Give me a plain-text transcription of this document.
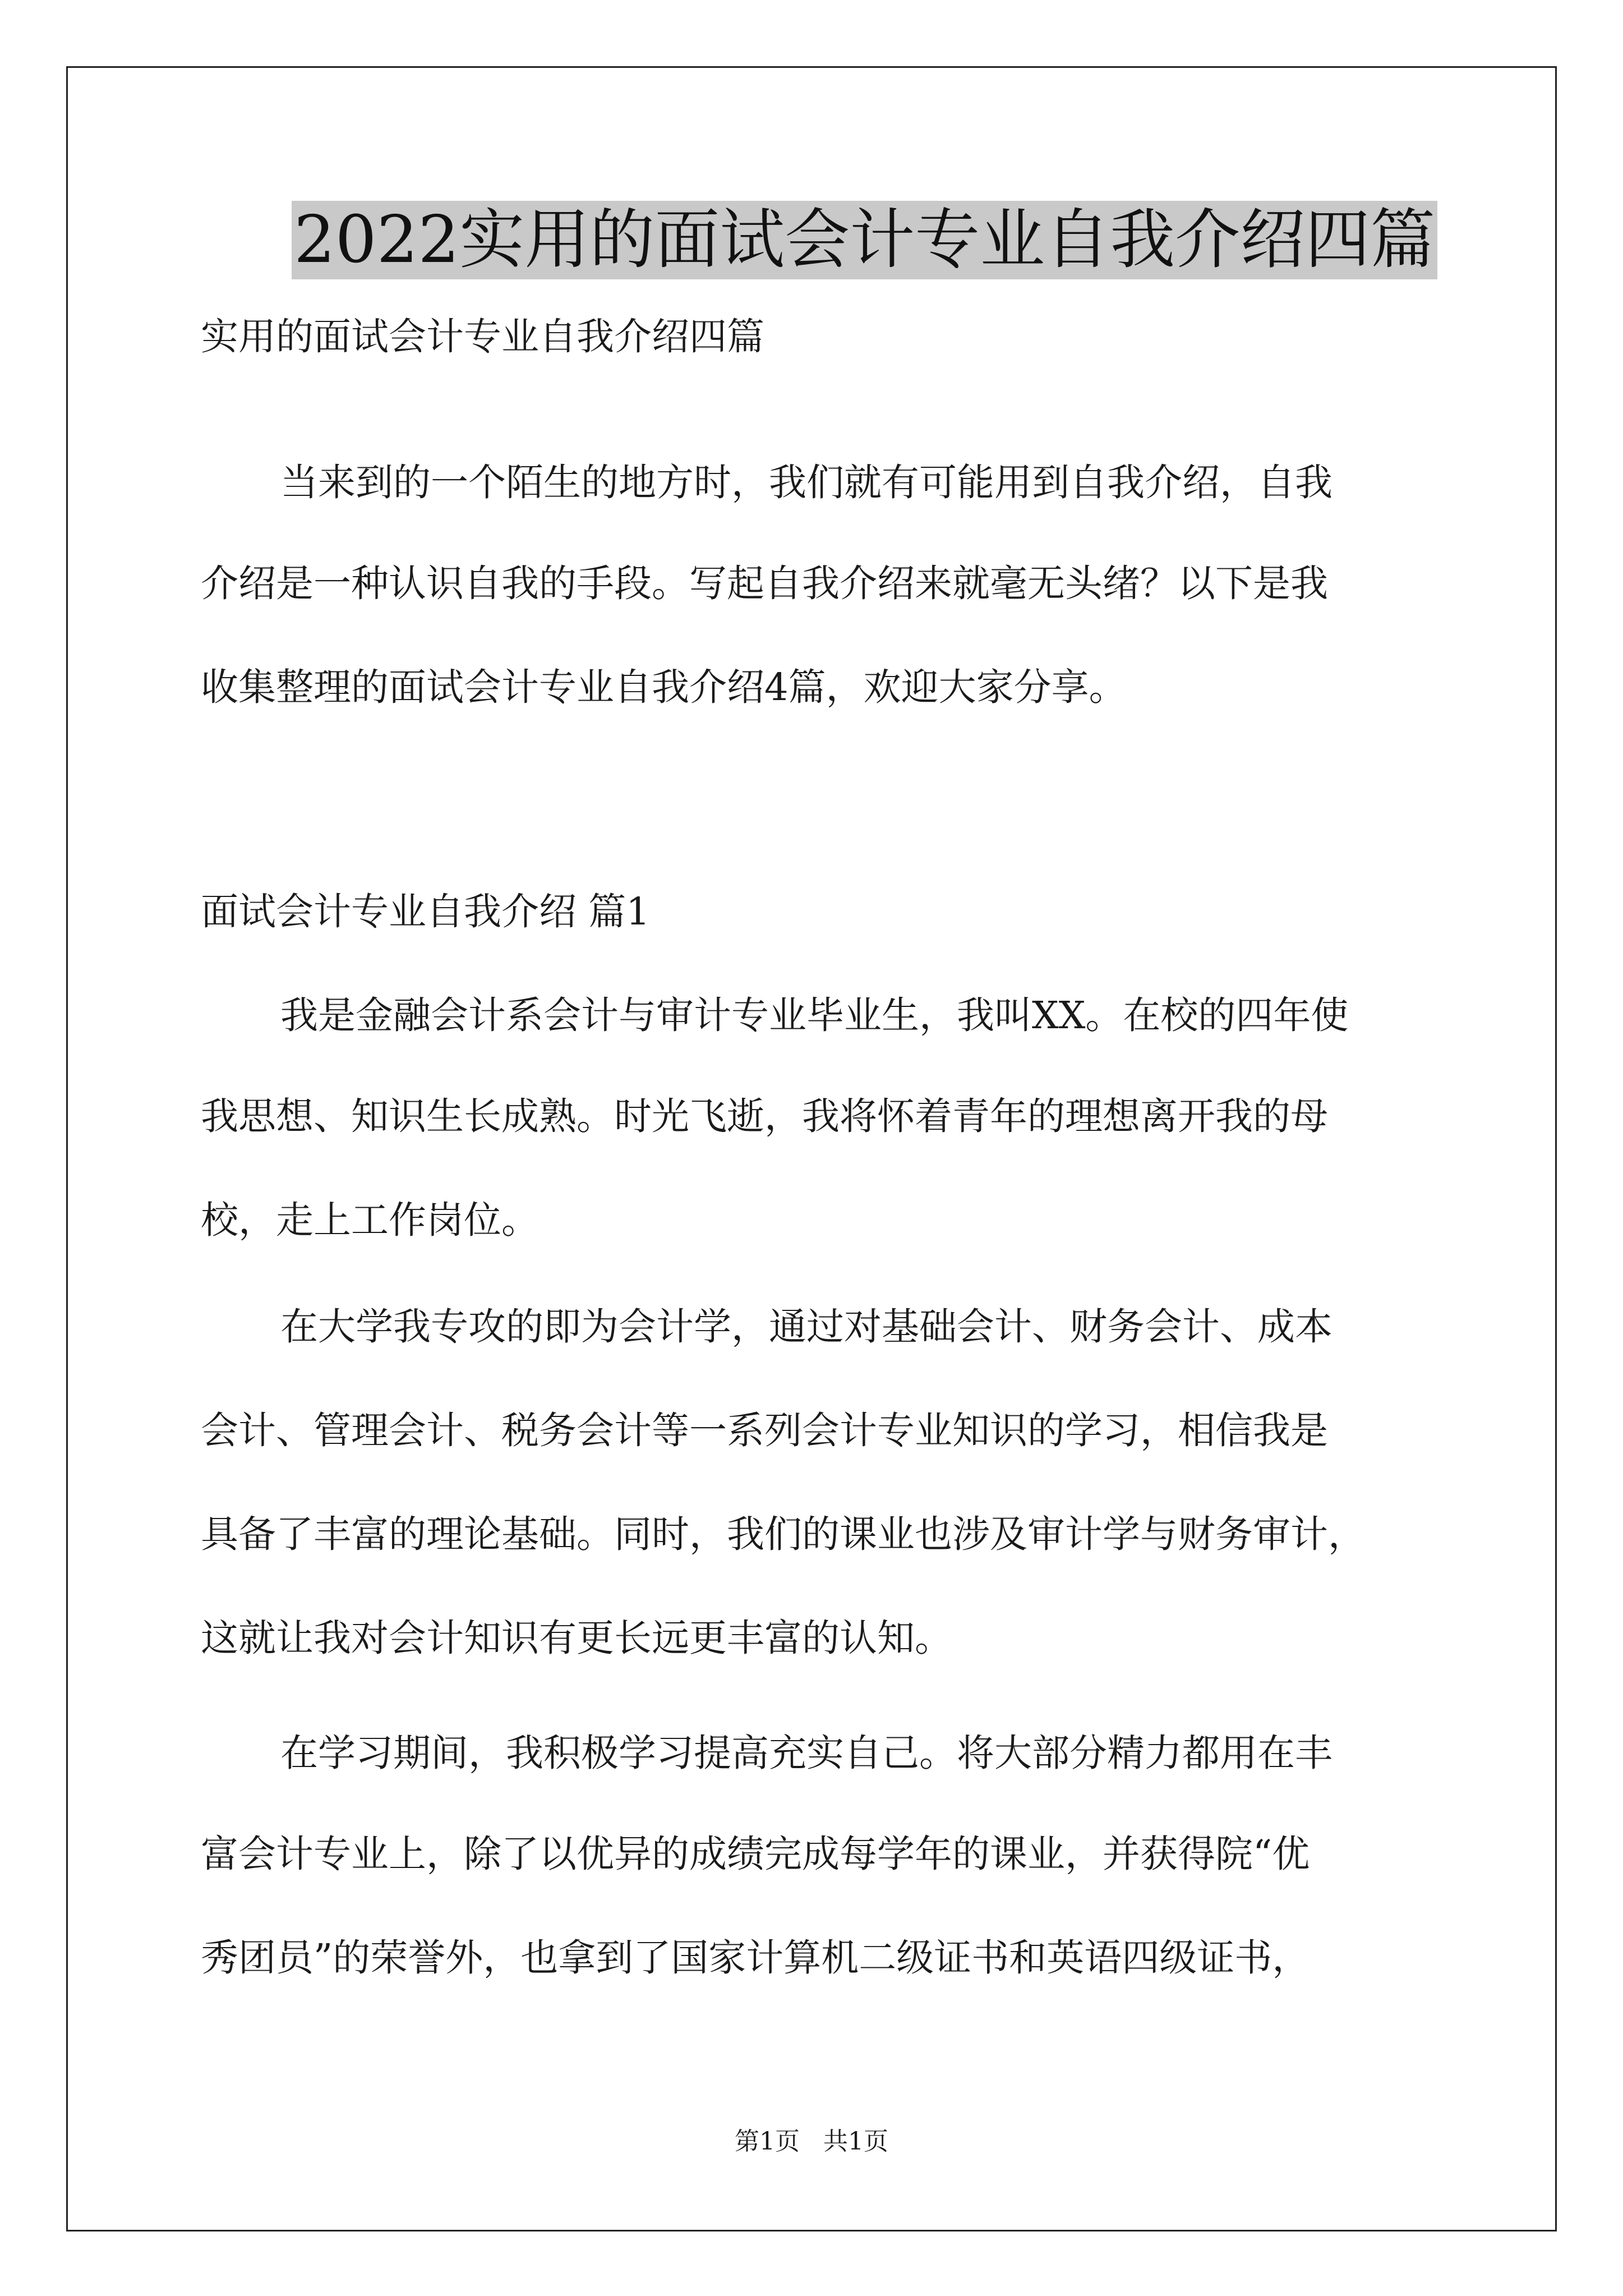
2022实用的面试会计专业自我介绍四篇
实用的面试会计专业自我介绍四篇
当来到的一个陌生的地方时，我们就有可能用到自我介绍，自我
介绍是一种认识自我的手段。写起自我介绍来就毫无头绪？以下是我
收集整理的面试会计专业自我介绍4篇，欢迎大家分享。
面试会计专业自我介绍 篇1
我是金融会计系会计与审计专业毕业生，我叫XX。在校的四年使
我思想、知识生长成熟。时光飞逝，我将怀着青年的理想离开我的母
校，走上工作岗位。
在大学我专攻的即为会计学，通过对基础会计、财务会计、成本
会计、管理会计、税务会计等一系列会计专业知识的学习，相信我是
具备了丰富的理论基础。同时，我们的课业也涉及审计学与财务审计，
这就让我对会计知识有更长远更丰富的认知。
在学习期间，我积极学习提高充实自己。将大部分精力都用在丰
富会计专业上，除了以优异的成绩完成每学年的课业，并获得院“优
秀团员”的荣誉外，也拿到了国家计算机二级证书和英语四级证书，
第1页   共1页
